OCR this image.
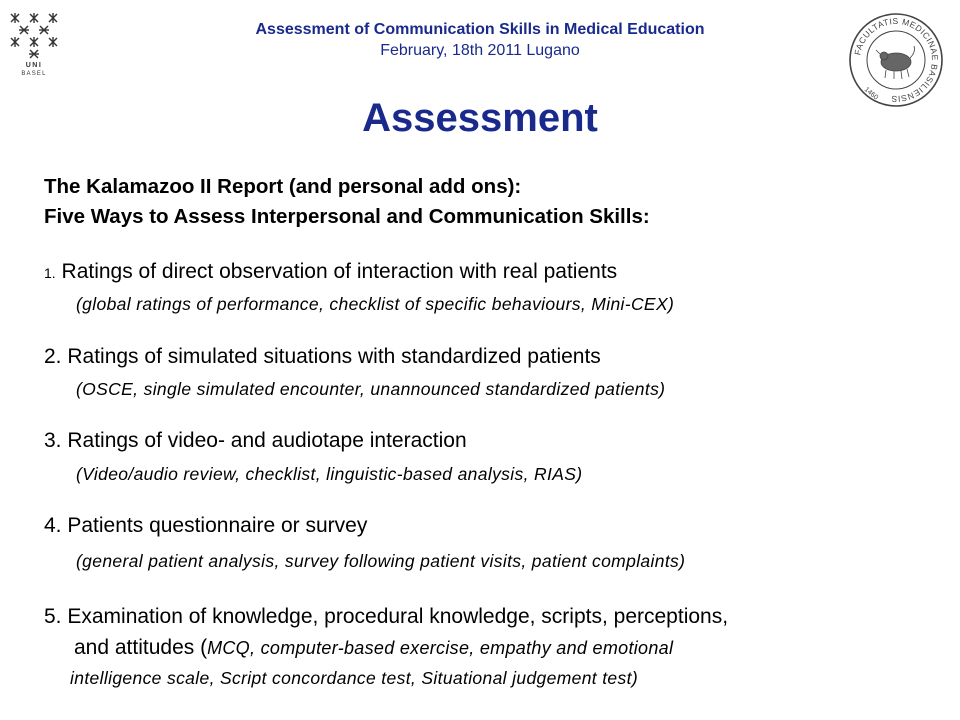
UNI
BASEL
Assessment of Communication Skills in Medical Education
February, 18th 2011 Lugano	FACULTATIS MEDICINAE BASILIENSIS
1460
Assessment
The Kalamazoo II Report (and personal add ons):
Five Ways to Assess Interpersonal and Communication Skills:
1. Ratings of direct observation of interaction with real patients
(global ratings of performance, checklist of specific behaviours, Mini-CEX)
2. Ratings of simulated situations with standardized patients
(OSCE, single simulated encounter, unannounced standardized patients)
3. Ratings of video- and audiotape interaction
(Video/audio review, checklist, linguistic-based analysis, RIAS)
4. Patients questionnaire or survey
(general patient analysis, survey following patient visits, patient complaints)
5. Examination of knowledge, procedural knowledge, scripts, perceptions,
and attitudes (MCQ, computer-based exercise, empathy and emotional
intelligence scale, Script concordance test, Situational judgement test)
